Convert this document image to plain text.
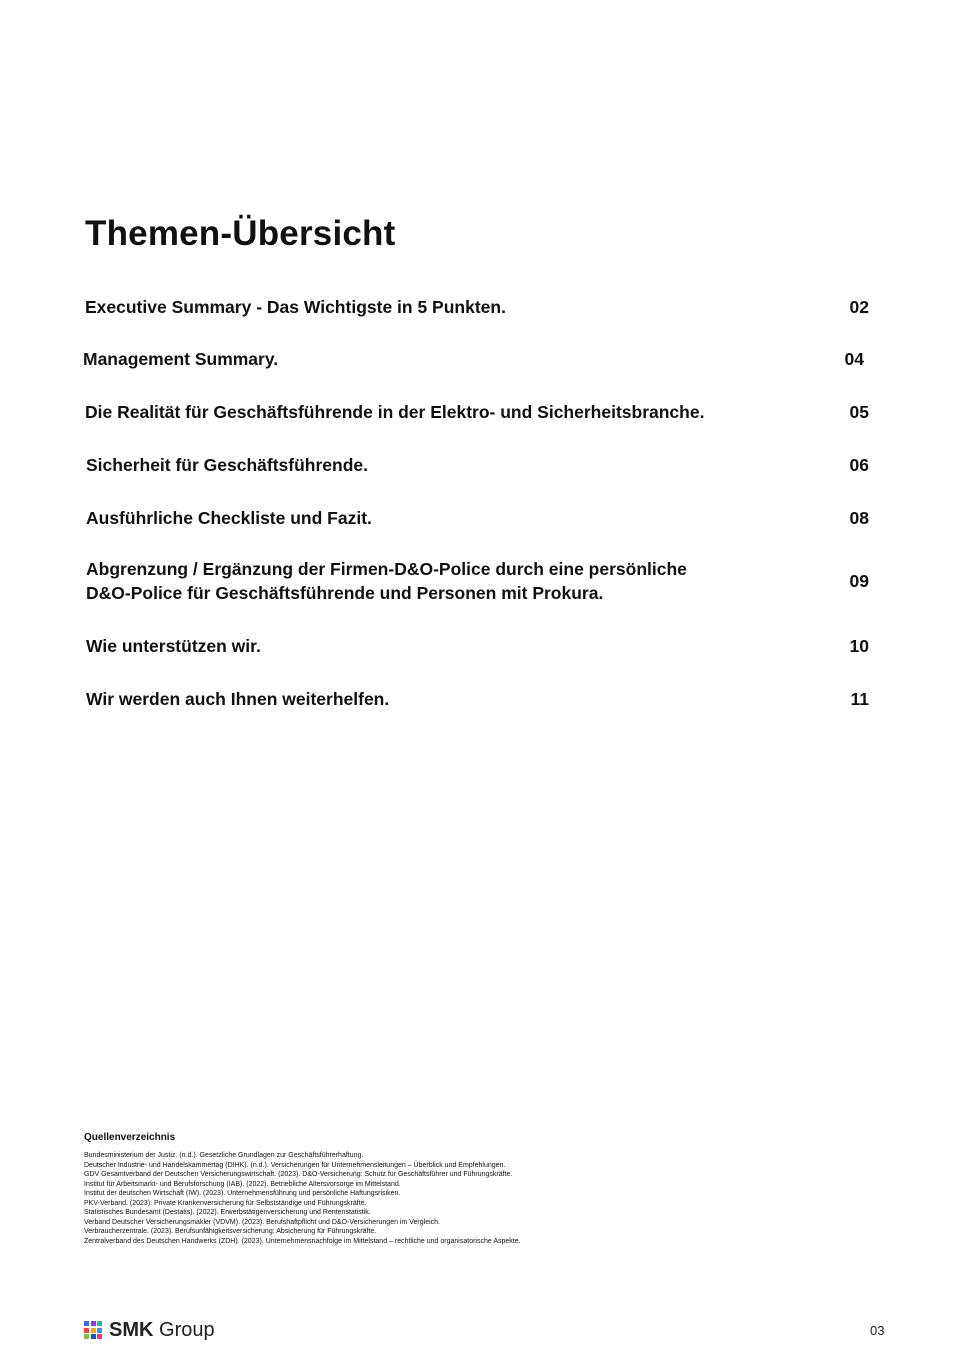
Themen-Übersicht
Executive Summary - Das Wichtigste in 5 Punkten.	02
Management Summary.	04
Die Realität für Geschäftsführende in der Elektro- und Sicherheitsbranche.	05
Sicherheit für Geschäftsführende.	06
Ausführliche Checkliste und Fazit.	08
Abgrenzung / Ergänzung der Firmen-D&O-Police durch eine persönliche D&O-Police für Geschäftsführende und Personen mit Prokura.
09
Wie unterstützen wir.	10
Wir werden auch Ihnen weiterhelfen.	11
Quellenverzeichnis
Bundesministerium der Justiz. (n.d.). Gesetzliche Grundlagen zur Geschäftsführerhaftung.
Deutscher Industrie- und Handelskammertag (DIHK). (n.d.). Versicherungen für Unternehmensleitungen – Überblick und Empfehlungen.
GDV Gesamtverband der Deutschen Versicherungswirtschaft. (2023). D&O-Versicherung: Schutz für Geschäftsführer und Führungskräfte.
Institut für Arbeitsmarkt- und Berufsforschung (IAB). (2022). Betriebliche Altersvorsorge im Mittelstand.
Institut der deutschen Wirtschaft (IW). (2023). Unternehmensführung und persönliche Haftungsrisiken.
PKV-Verband. (2023). Private Krankenversicherung für Selbstständige und Führungskräfte.
Statistisches Bundesamt (Destatis). (2022). Erwerbstätigenversicherung und Rentenstatistik.
Verband Deutscher Versicherungsmakler (VDVM). (2023). Berufshaftpflicht und D&O-Versicherungen im Vergleich.
Verbraucherzentrale. (2023). Berufsunfähigkeitsversicherung: Absicherung für Führungskräfte.
Zentralverband des Deutschen Handwerks (ZDH). (2023). Unternehmensnachfolge im Mittelstand – rechtliche und organisatorische Aspekte.
SMK Group	03
